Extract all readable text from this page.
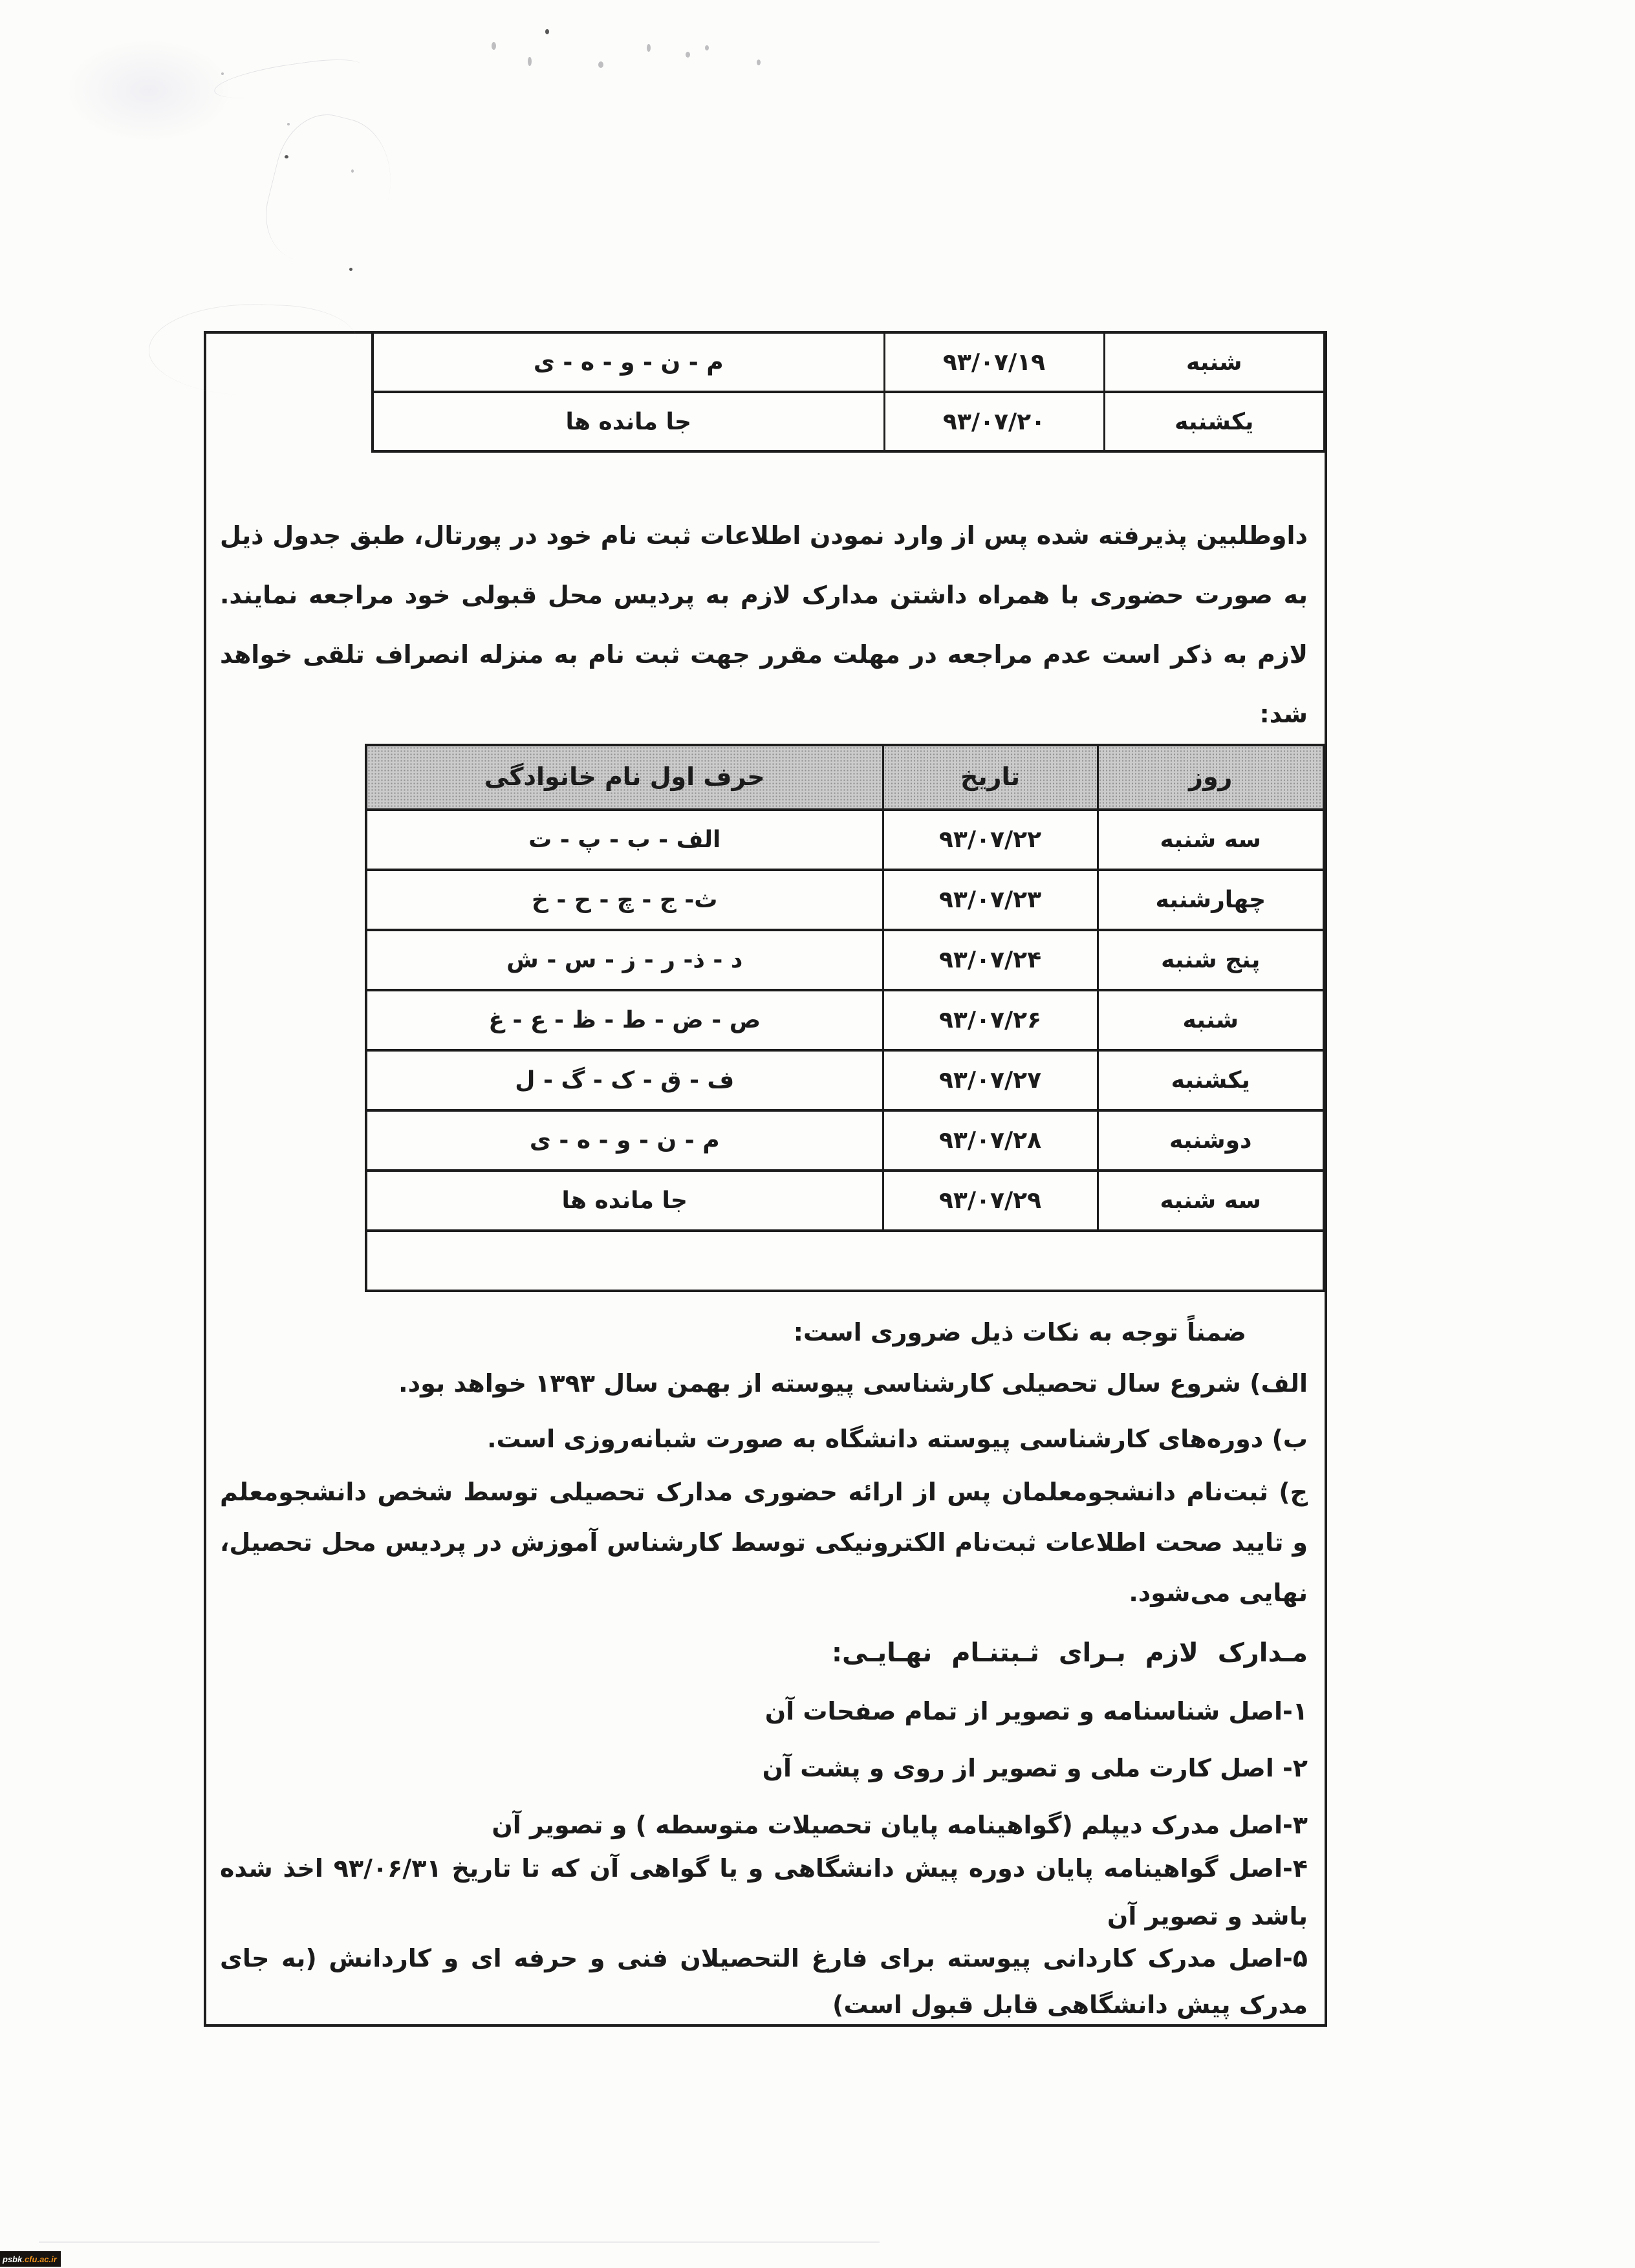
شنبه	۹۳/۰۷/۱۹	م - ن - و - ه - ی
یکشنبه	۹۳/۰۷/۲۰	جا مانده ها
داوطلبین پذیرفته شده پس از وارد نمودن اطلاعات ثبت نام خود در پورتال، طبق جدول ذیل به صورت حضوری با همراه داشتن مدارک لازم به پردیس محل قبولی خود مراجعه نمایند. لازم به ذکر است عدم مراجعه در مهلت مقرر جهت ثبت نام به منزله انصراف تلقی خواهد شد:
روز	تاریخ	حرف اول نام خانوادگی
سه شنبه	۹۳/۰۷/۲۲	الف - ب - پ - ت
چهارشنبه	۹۳/۰۷/۲۳	ث- ج - چ - ح - خ
پنج شنبه	۹۳/۰۷/۲۴	د - ذ- ر - ز - س - ش
شنبه	۹۳/۰۷/۲۶	ص - ض - ط - ظ - ع - غ
یکشنبه	۹۳/۰۷/۲۷	ف - ق - ک - گ - ل
دوشنبه	۹۳/۰۷/۲۸	م - ن - و - ه - ی
سه شنبه	۹۳/۰۷/۲۹	جا مانده ها

ضمناً توجه به نکات ذیل ضروری است:
الف) شروع سال تحصیلی کارشناسی پیوسته از بهمن سال ۱۳۹۳ خواهد بود.
ب) دوره‌های کارشناسی پیوسته دانشگاه به صورت شبانه‌روزی است.
ج) ثبت‌نام دانشجومعلمان پس از ارائه حضوری مدارک تحصیلی توسط شخص دانشجومعلم و تایید صحت اطلاعات ثبت‌نام الکترونیکی توسط کارشناس آموزش در پردیس محل تحصیل، نهایی می‌شود.
مـدارک لازم بـرای ثـبتنـام نهـایـی:
۱-اصل شناسنامه و تصویر از تمام صفحات آن
۲- اصل کارت ملی و تصویر از روی و پشت آن
۳-اصل مدرک دیپلم (گواهینامه پایان تحصیلات متوسطه ) و تصویر آن
۴-اصل گواهینامه پایان دوره پیش دانشگاهی و یا گواهی آن که تا تاریخ ۹۳/۰۶/۳۱ اخذ شده باشد و تصویر آن
۵-اصل مدرک کاردانی پیوسته برای فارغ التحصیلان فنی و حرفه ای و کاردانش (به جای مدرک پیش دانشگاهی قابل قبول است)
psbk .cfu.ac.ir
